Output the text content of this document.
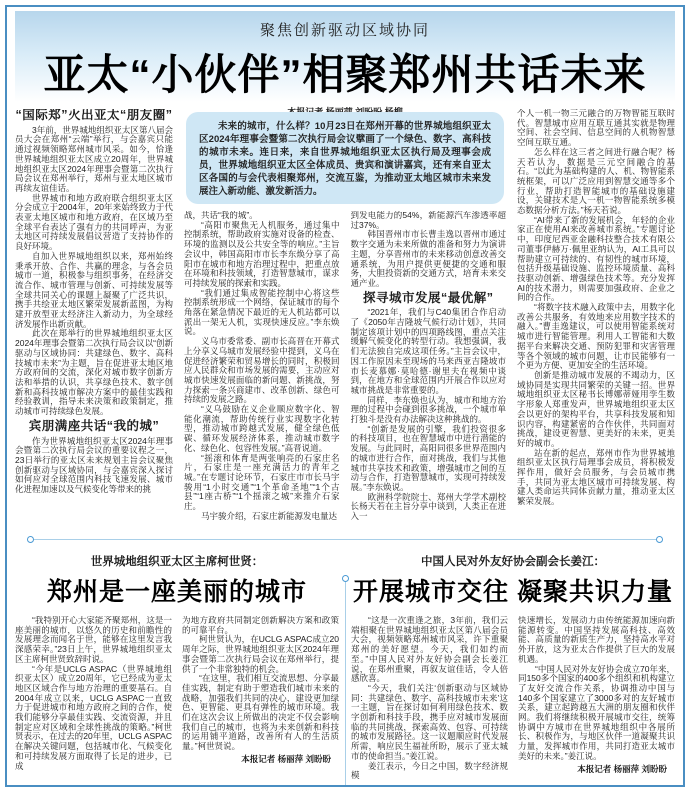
聚焦创新驱动区域协同
亚太“小伙伴”相聚郑州共话未来
“国际郑”火出亚太“朋友圈”

3年前，世界城地组织亚太区第八届会员大会在郑州“云端”举行，与会嘉宾只能通过视频领略郑州城市风采。如今，恰逢世界城地组织亚太区成立20周年，世界城地组织亚太区2024年理事会暨第二次执行局会议在郑州举行，郑州与亚太地区城市再续友谊佳话。

世界城市和地方政府联合组织亚太区分会成立于2004年，20年来始终致力于代表亚太地区城市和地方政府，在区域乃至全球平台表达了强有力的共同呼声，为亚太地区可持续发展倡议营造了支持协作的良好环境。

自加入世界城地组织以来，郑州始终秉承开放、合作、共赢的理念，与各会员城市一道，积极参与组织事务，在经济交流合作、城市管理与创新、可持续发展等全球共同关心的课题上凝聚了广泛共识，携手共绘亚太地区繁荣发展新蓝图，为构建开放型亚太经济注入新动力，为全球经济发展作出新贡献。

此次在郑举行的世界城地组织亚太区2024年理事会暨第二次执行局会议以“创新驱动与区域协同：共建绿色、数字、高科技城市未来”为主题，旨在促进亚太地区地方政府间的交流，深化对城市数字创新方法和举措的认识，共享绿色技术、数字创新和高科技城市解决方案中的最佳实践和经验教训，指导未来决策和政策制定，推动城市可持续绿色发展。

宾朋满座共话“我的城”

作为世界城地组织亚太区2024年理事会暨第二次执行局会议的重要议程之一，23日举行的亚太区未来规划主旨会议聚焦创新驱动与区域协同，与会嘉宾深入探讨如何应对全球范围内科技飞速发展、城市化进程加速以及气候变化等带来的挑

未来的城市，什么样？10月23日在郑州开幕的世界城地组织亚太区2024年理事会暨第二次执行局会议擘画了一个绿色、数字、高科技的城市未来。连日来，来自世界城地组织亚太区执行局及理事会成员，世界城地组织亚太区全体成员、贵宾和演讲嘉宾，还有来自亚太区各国的与会代表相聚郑州，交流互鉴，为推动亚太地区城市未来发展注入新动能、激发新活力。

战，共话“我的城”。

“高阳市聚焦无人机服务，通过集中控制系统，帮助政府实施对设备的检查、环境的监测以及公共安全等的响应。”主旨会议中，韩国高阳市市长李东焕分享了高阳市在城市和地方治理过程中，把重点放在环境和科技领域，打造智慧城市，谋求可持续发展的探索和实践。

“我们通过集成智能控制中心将这些控制系统形成一个网络，保证城市的每个角落在紧急情况下最近的无人机站都可以派出一架无人机，实现快速反应。”李东焕说。

义乌市委常委、副市长高晋在开幕式上分享义乌城市发展经验中提到，义乌在促进经济繁荣和贸易增长的同时，积极回应人民群众和市场发展的需要，主动应对城市快速发展面临的新问题、新挑战，努力探索一条兴商建市、改革创新、绿色可持续的发展之路。

“义乌鼓励在义企业顺应数字化、智能化潮流，帮助传统行业实现数字化转型，推动城市跨越式发展，健全绿色低碳、循环发展经济体系，推动城市数字化、绿色化、包容性发展。”高晋说道。

“摇滚和体育是两张响亮的石家庄名片，石家庄是一座充满活力的青年之城。”在专题讨论环节，石家庄市市长马宇骏用“1小时交通”“1个革命圣地”“1个古县”“1座古桥”“1个摇滚之城”来推介石家庄。

马宇骏介绍，石家庄新能源发电量达

到发电能力的54%，新能源汽车渗透率超过37%。

韩国晋州市市长曹圭逸以晋州市通过数字交通为未来所做的准备和努力为演讲主题，分享晋州市的未来移动创意改善交通系统，为用户提供更便捷的交通和服务，大胆投资新的交通方式，培育未来交通产业。

探寻城市发展“最优解”

“2021年，我们与C40集团合作启动了《2050年吉隆坡气候行动计划》，共同制定该项计划中的四项路线图，重点关注缓解气候变化的转型行动。我想强调，我们无法独自完成这项任务。”主旨会议中，因工作原因未至现场的马来西亚吉隆坡市市长麦慕娜·莫哈德·谢里夫在视频中谈到，在地方和全球范围内开展合作以应对城市挑战是非常重要的。

同样，李东焕也认为，城市和地方治理的过程中会碰到很多挑战，一个城市单打独斗是没有办法解决这种挑战的。

“创新是发展的引擎，我们投资很多的科技项目，也在智慧城市中进行潜能的发展。与此同时，高阳同很多世界范围内的城市进行合作，面对挑战，我们与其他城市共享技术和政策，增强城市之间的互动与合作，打造智慧城市，实现可持续发展。”李东焕说。

欧洲科学院院士、郑州大学学术副校长杨天若在主旨分享中谈到，人类正在进入一

个人一机一物三元融合的万物智能互联时代。智慧城市应用互联互通其实就是物理空间、社会空间、信息空间的人机物智慧空间互联互通。

怎么样在这三者之间进行融合呢？杨天若认为，数据是三元空间融合的基石。“以此为基础构建的人、机、物智能系统框架，可以广泛应用到智慧交通等多个行业，帮助打造智能城市的基础设施建设，关键技术是人一机一物智能系统多模态数据分析方法。”杨天若说。

“AI带来了新的发展机会，年轻的企业家正在使用AI来改善城市系统。”专题讨论中，印度尼西亚金融科技整合技术有限公司董事伊赫万·佩里亚纳认为，AI工具可以帮助建立可持续的、有韧性的城市环境，包括升级基础设施、监控环境质量、高科技驱动创新、增强绿色技术等。充分发挥AI的技术潜力，则需要加强政府、企业之间的合作。

“将数字技术融入政策中去，用数字化改善公共服务，有效地来应用数字技术的融入。”曹圭逸建议，可以使用智能系统对城市进行智能管理。利用人工智能和大数据平台来解决交通、预防犯罪和灾害管理等各个领域的城市问题，让市民能够有一个更为方便、更加安全的生活环境。

创新是推动城市发展的不竭动力，区域协同是实现共同繁荣的关键一招。世界城地组织亚太区秘书长博娜蒂娅用孪生数字形象人郑重发声，世界城地组织亚太区会以更好的架构平台，共享科技发展和知识内容，构建紧密的合作伙伴，共同面对挑战，建设更智慧、更美好的未来，更美好的城市。

站在新的起点，郑州市作为世界城地组织亚太区执行局理事会成员，将积极发挥作用，做好会员服务，与会员城市携手，共同为亚太地区城市可持续发展、构建人类命运共同体贡献力量，推动亚太区繁荣发展。

世界城地组织亚太区主席柯世贤：
郑州是一座美丽的城市

“我特别开心大家能齐聚郑州，这是一座美丽的城市，以悠久的历史和前瞻性的发展理念而闻名于世，能够在这里发言我深感荣幸。”23日上午，世界城地组织亚太区主席柯世贤致辞时说。

“今年是UCLG ASPAC（世界城地组织亚太区）成立20周年，它已经成为亚太地区区域合作与地方治理的重要基石。自2004年成立以来，UCLG ASPAC一直致力于促进城市和地方政府之间的合作，使我们能够分享最佳实践、交流资源，并且制定应对区域和全球性挑战的策略。”柯世贤表示，在过去的20年里，UCLG ASPAC在解决关键问题，包括城市化、气候变化和可持续发展方面取得了长足的进步，已成

为地方政府共同制定创新解决方案和政策的可靠平台。

柯世贤认为，在UCLG ASPAC成立20周年之际，世界城地组织亚太区2024年理事会暨第二次执行局会议在郑州举行，提供了一个非常独特的机会。

“在这里，我们相互交流思想、分享最佳实践，制定有助于塑造我们城市未来的战略，加强我们共同的决心，建设更加绿色、更智能、更具有弹性的城市环境。我们在这次会议上所做出的决定不仅会影响我们自己的城市，也将为未来创新和科技的运用铺平道路，改善所有人的生活质量。”柯世贤说。

本报记者 杨丽萍 刘盼盼
中国人民对外友好协会副会长姜江：
开展城市交往 凝聚共识力量

“这是一次重逢之旅，3年前，我们云端相聚在世界城地组织亚太区第八届会员大会，视频领略郑州城市风采，许下重聚郑州的美好愿望。今天，我们如约而至。”中国人民对外友好协会副会长姜江说，在郑州重聚，再叙友谊佳话，令人倍感欣喜。

“今天，我们关注‘创新驱动与区域协同：共建绿色、数字、高科技城市未来’这一主题，旨在探讨如何利用绿色技术、数字创新和科技手段，携手应对城市发展面临的共同挑战，探索高效、包容、可持续的城市发展路径。这一议题顺应时代发展所需，响应民生福祉所盼，展示了亚太城市的使命担当。”姜江说。

姜江表示，今日之中国，数字经济规模

快速增长，发展动力由传统能源加速向新能源转变。中国坚持发展高科技、高效能、高质量的新质生产力，坚持高水平对外开放，这为亚太合作提供了巨大的发展机遇。

“中国人民对外友好协会成立70年来，同150多个国家的400多个组织和机构建立了友好交流合作关系，协调推动中国与140多个国家建立了3000多对的友好城市关系，建立起跨越五大洲的朋友圈和伙伴网。我们将继续积极开展城市交往，统筹协调中方城市在世界城地组织中各展所长、积极作为，与地区伙伴一道凝聚共识力量，发挥城市作用，共同打造亚太城市美好的未来。”姜江说。

本报记者 杨丽萍 刘盼盼
